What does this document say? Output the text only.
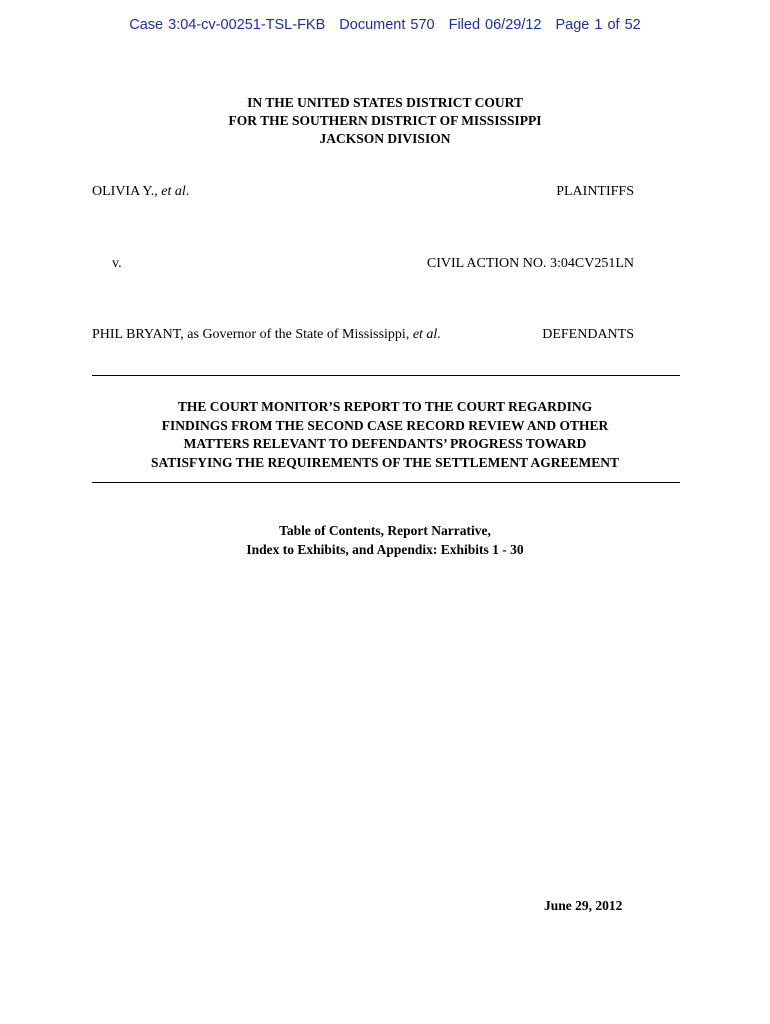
Case 3:04-cv-00251-TSL-FKB Document 570 Filed 06/29/12 Page 1 of 52
IN THE UNITED STATES DISTRICT COURT
FOR THE SOUTHERN DISTRICT OF MISSISSIPPI
JACKSON DIVISION
OLIVIA Y., et al.	PLAINTIFFS
v.	CIVIL ACTION NO. 3:04CV251LN
PHIL BRYANT, as Governor of the State of Mississippi, et al.	DEFENDANTS
THE COURT MONITOR’S REPORT TO THE COURT REGARDING
FINDINGS FROM THE SECOND CASE RECORD REVIEW AND OTHER
MATTERS RELEVANT TO DEFENDANTS’ PROGRESS TOWARD
SATISFYING THE REQUIREMENTS OF THE SETTLEMENT AGREEMENT
Table of Contents, Report Narrative,
Index to Exhibits, and Appendix: Exhibits 1 - 30
June 29, 2012
